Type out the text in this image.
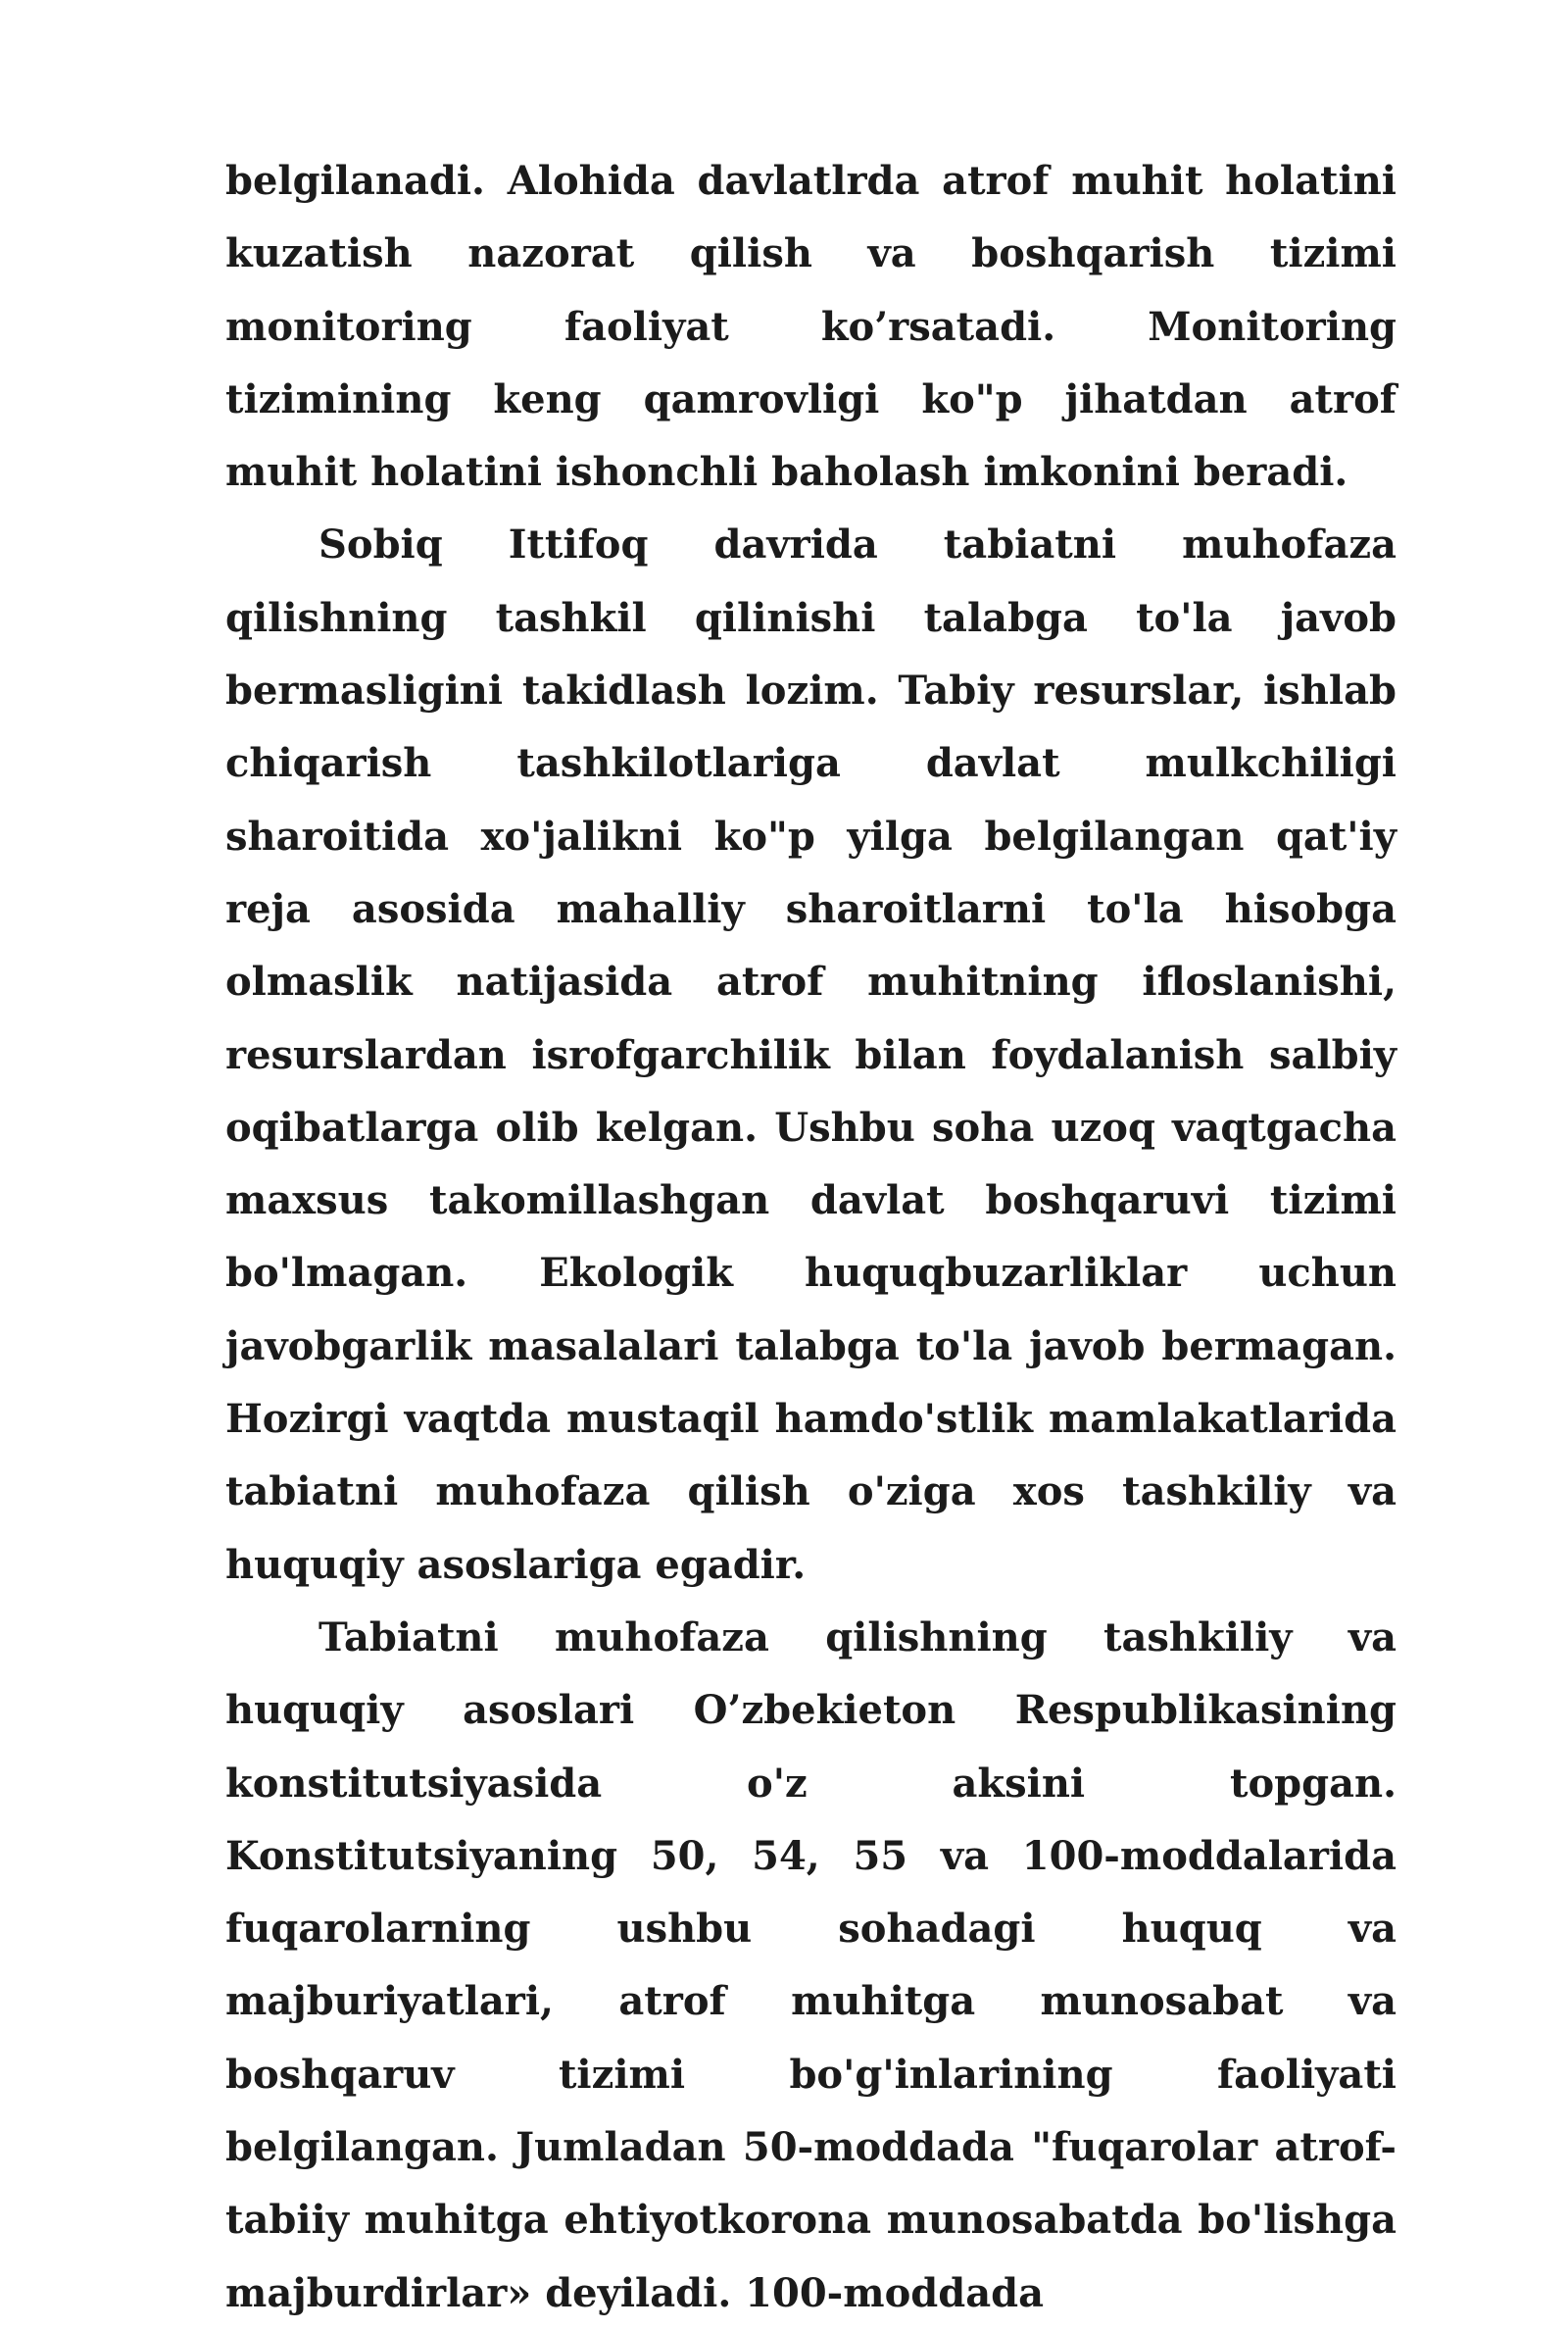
belgilanadi. Alohida davlatlrda atrof muhit holatini kuzatish nazorat qilish va boshqarish tizimi monitoring faoliyat ko’rsatadi. Monitoring tizimining keng qamrovligi ko"p jihatdan atrof muhit holatini ishonchli baholash imkonini beradi.

Sobiq Ittifoq davrida tabiatni muhofaza qilishning tashkil qilinishi talabga to'la javob bermasligini takidlash lozim. Tabiy resurslar, ishlab chiqarish tashkilotlariga davlat mulkchiligi sharoitida xo'jalikni ko"p yilga belgilangan qat'iy reja asosida mahalliy sharoitlarni to'la hisobga olmaslik natijasida atrof muhitning ifloslanishi, resurslardan isrofgarchilik bilan foydalanish salbiy oqibatlarga olib kelgan. Ushbu soha uzoq vaqtgacha maxsus takomillashgan davlat boshqaruvi tizimi bo'lmagan. Ekologik huquqbuzarliklar uchun javobgarlik masalalari talabga to'la javob bermagan. Hozirgi vaqtda mustaqil hamdo'stlik mamlakatlarida tabiatni muhofaza qilish o'ziga xos tashkiliy va huquqiy asoslariga egadir.

Tabiatni muhofaza qilishning tashkiliy va huquqiy asoslari O’zbekieton Respublikasining konstitutsiyasida o'z aksini topgan. Konstitutsiyaning 50, 54, 55 va 100-moddalarida fuqarolarning ushbu sohadagi huquq va majburiyatlari, atrof muhitga munosabat va boshqaruv tizimi bo'g'inlarining faoliyati belgilangan. Jumladan 50-moddada "fuqarolar atrof-tabiiy muhitga ehtiyotkorona munosabatda bo'lishga majburdirlar» deyiladi. 100-moddada
